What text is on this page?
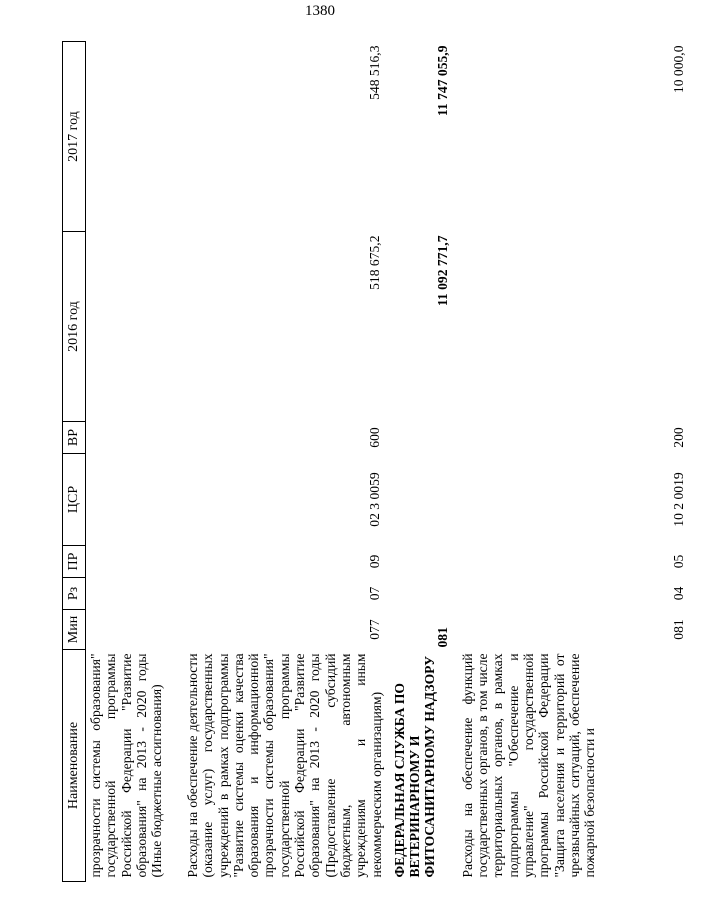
1380
Наименование	Мин	Рз	ПР	ЦСР	ВР	2016 год	2017 год
прозрачности системы образования" государственной программы Российской Федерации "Развитие образования" на 2013 - 2020 годы (Иные бюджетные ассигнования)							
Расходы на обеспечение деятельности (оказание услуг) государственных учреждений в рамках подпрограммы "Развитие системы оценки качества образования и информационной прозрачности системы образования" государственной программы Российской Федерации "Развитие образования" на 2013 - 2020 годы (Предоставление субсидий бюджетным, автономным учреждениям и иным некоммерческим организациям)	077	07	09	02 3 0059	600	518 675,2	548 516,3
ФЕДЕРАЛЬНАЯ СЛУЖБА ПО ВЕТЕРИНАРНОМУ И ФИТОСАНИТАРНОМУ НАДЗОРУ	081					11 092 771,7	11 747 055,9
Расходы на обеспечение функций государственных органов, в том числе территориальных органов, в рамках подпрограммы "Обеспечение и управление" государственной программы Российской Федерации "Защита населения и территорий от чрезвычайных ситуаций, обеспечение пожарной безопасности и	081	04	05	10 2 0019	200		10 000,0
